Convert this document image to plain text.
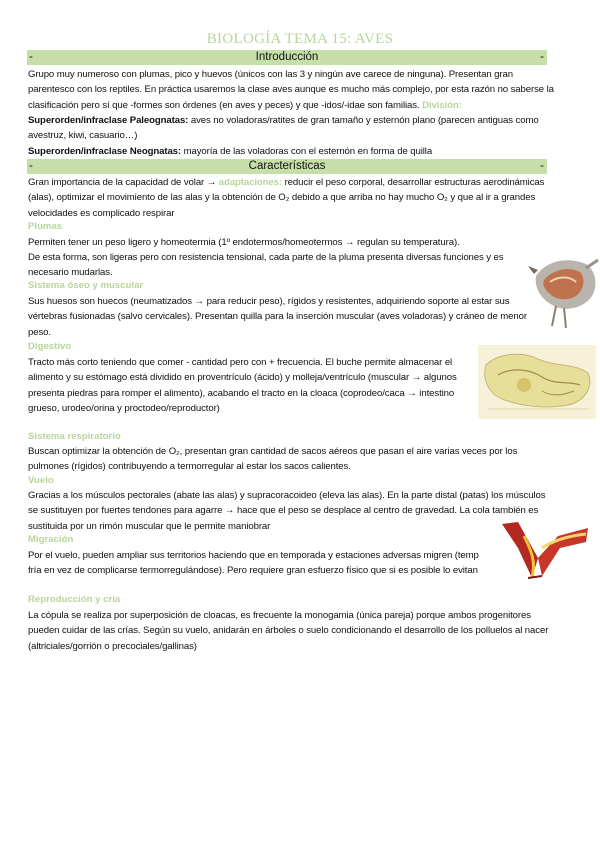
BIOLOGÍA TEMA 15: AVES
-	Introducción	-
Grupo muy numeroso con plumas, pico y huevos (únicos con las 3 y ningún ave carece de ninguna). Presentan gran parentesco con los reptiles. En práctica usaremos la clase aves aunque es mucho más complejo, por esta razón no saberse la clasificación pero sí que -formes son órdenes (en aves y peces) y que -idos/-idae son familias. División:
Superorden/infraclase Paleognatas: aves no voladoras/ratites de gran tamaño y esternón plano (parecen antiguas como avestruz, kiwi, casuario…)
Superorden/infraclase Neognatas: mayoría de las voladoras con el esternón en forma de quilla
-	Características	-
Gran importancia de la capacidad de volar → adaptaciones: reducir el peso corporal, desarrollar estructuras aerodinámicas (alas), optimizar el movimiento de las alas y la obtención de O₂ debido a que arriba no hay mucho O₂ y que al ir a grandes velocidades es complicado respirar
Plumas
Permiten tener un peso ligero y homeotermia (1º endotermos/homeotermos → regulan su temperatura).
De esta forma, son ligeras pero con resistencia tensional, cada parte de la pluma presenta diversas funciones y es necesario mudarlas.
Sistema óseo y muscular
Sus huesos son huecos (neumatizados → para reducir peso), rígidos y resistentes, adquiriendo soporte al estar sus vértebras fusionadas (salvo cervicales). Presentan quilla para la inserción muscular (aves voladoras) y cráneo de menor peso.
Digestivo
Tracto más corto teniendo que comer - cantidad pero con + frecuencia. El buche permite almacenar el alimento y su estómago está dividido en proventrículo (ácido) y molleja/ventrículo (muscular → algunos presenta piedras para romper el alimento), acabando el tracto en la cloaca (coprodeo/caca → intestino grueso, urodeo/orina y proctodeo/reproductor)
Sistema respiratorio
Buscan optimizar la obtención de O₂, presentan gran cantidad de sacos aéreos que pasan el aire varias veces por los pulmones (rígidos) contribuyendo a termorregular al estar los sacos calientes.
Vuelo
Gracias a los músculos pectorales (abate las alas) y supracoracoideo (eleva las alas). En la parte distal (patas) los músculos se sustituyen por fuertes tendones para agarre → hace que el peso se desplace al centro de gravedad. La cola también es sustituida por un rimón muscular que le permite maniobrar
Migración
Por el vuelo, pueden ampliar sus territorios haciendo que en temporada y estaciones adversas migren (temp fría en vez de complicarse termorregulándose). Pero requiere gran esfuerzo físico que si es posible lo evitan
Reproducción y cría
La cópula se realiza por superposición de cloacas, es frecuente la monogamia (única pareja) porque ambos progenitores pueden cuidar de las crías. Según su vuelo, anidarán en árboles o suelo condicionando el desarrollo de los polluelos al nacer (altriciales/gorrión o precociales/gallinas)
